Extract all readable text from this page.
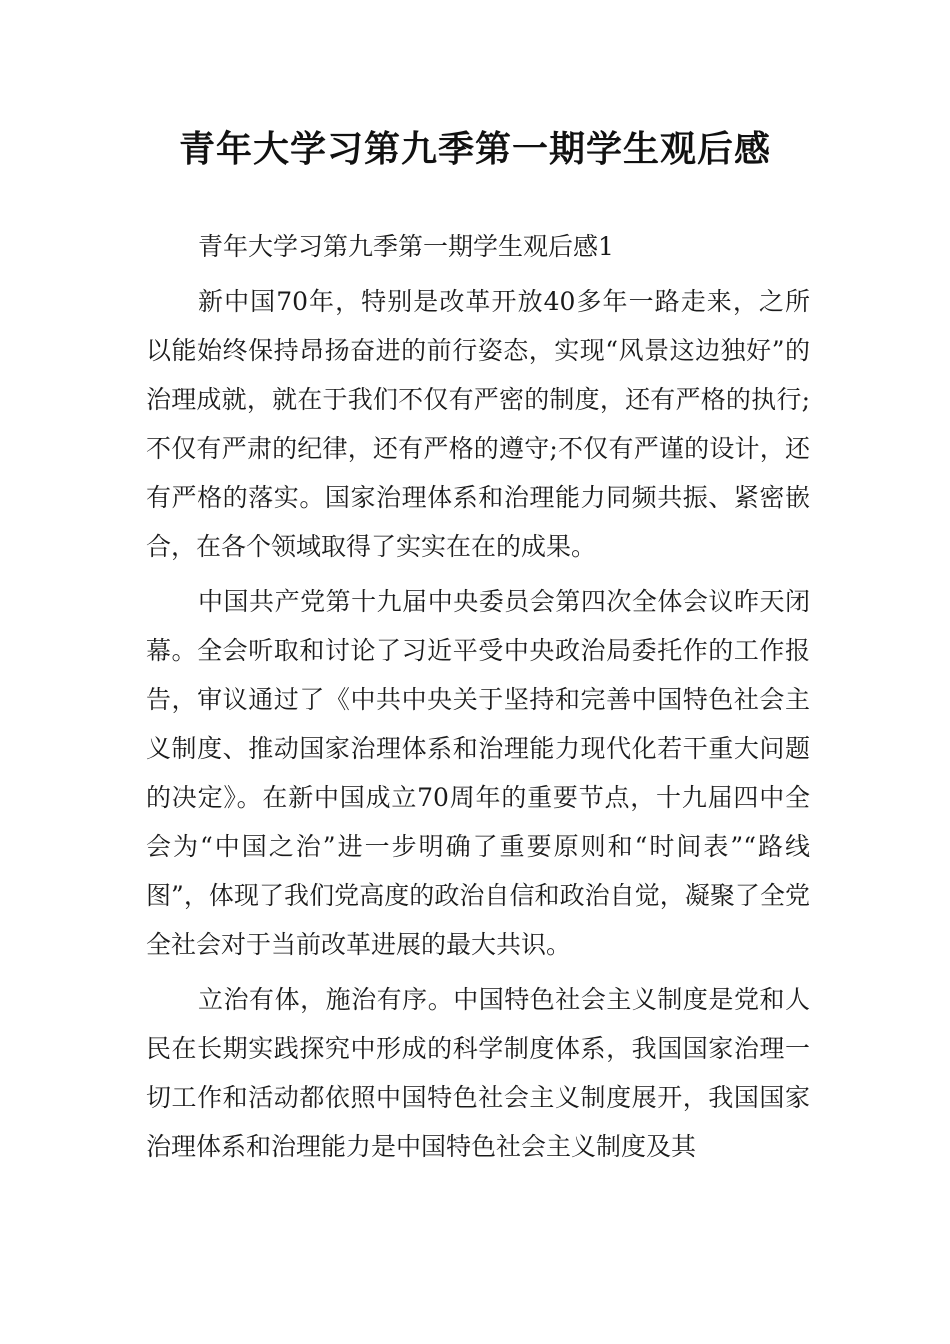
青年大学习第九季第一期学生观后感

青年大学习第九季第一期学生观后感1

新中国70年，特别是改革开放40多年一路走来，之所以能始终保持昂扬奋进的前行姿态，实现“风景这边独好”的治理成就，就在于我们不仅有严密的制度，还有严格的执行;不仅有严肃的纪律，还有严格的遵守;不仅有严谨的设计，还有严格的落实。国家治理体系和治理能力同频共振、紧密嵌合，在各个领域取得了实实在在的成果。

中国共产党第十九届中央委员会第四次全体会议昨天闭幕。全会听取和讨论了习近平受中央政治局委托作的工作报告，审议通过了《中共中央关于坚持和完善中国特色社会主义制度、推动国家治理体系和治理能力现代化若干重大问题的决定》。在新中国成立70周年的重要节点，十九届四中全会为“中国之治”进一步明确了重要原则和“时间表”“路线图”，体现了我们党高度的政治自信和政治自觉，凝聚了全党全社会对于当前改革进展的最大共识。

立治有体，施治有序。中国特色社会主义制度是党和人民在长期实践探究中形成的科学制度体系，我国国家治理一切工作和活动都依照中国特色社会主义制度展开，我国国家治理体系和治理能力是中国特色社会主义制度及其
